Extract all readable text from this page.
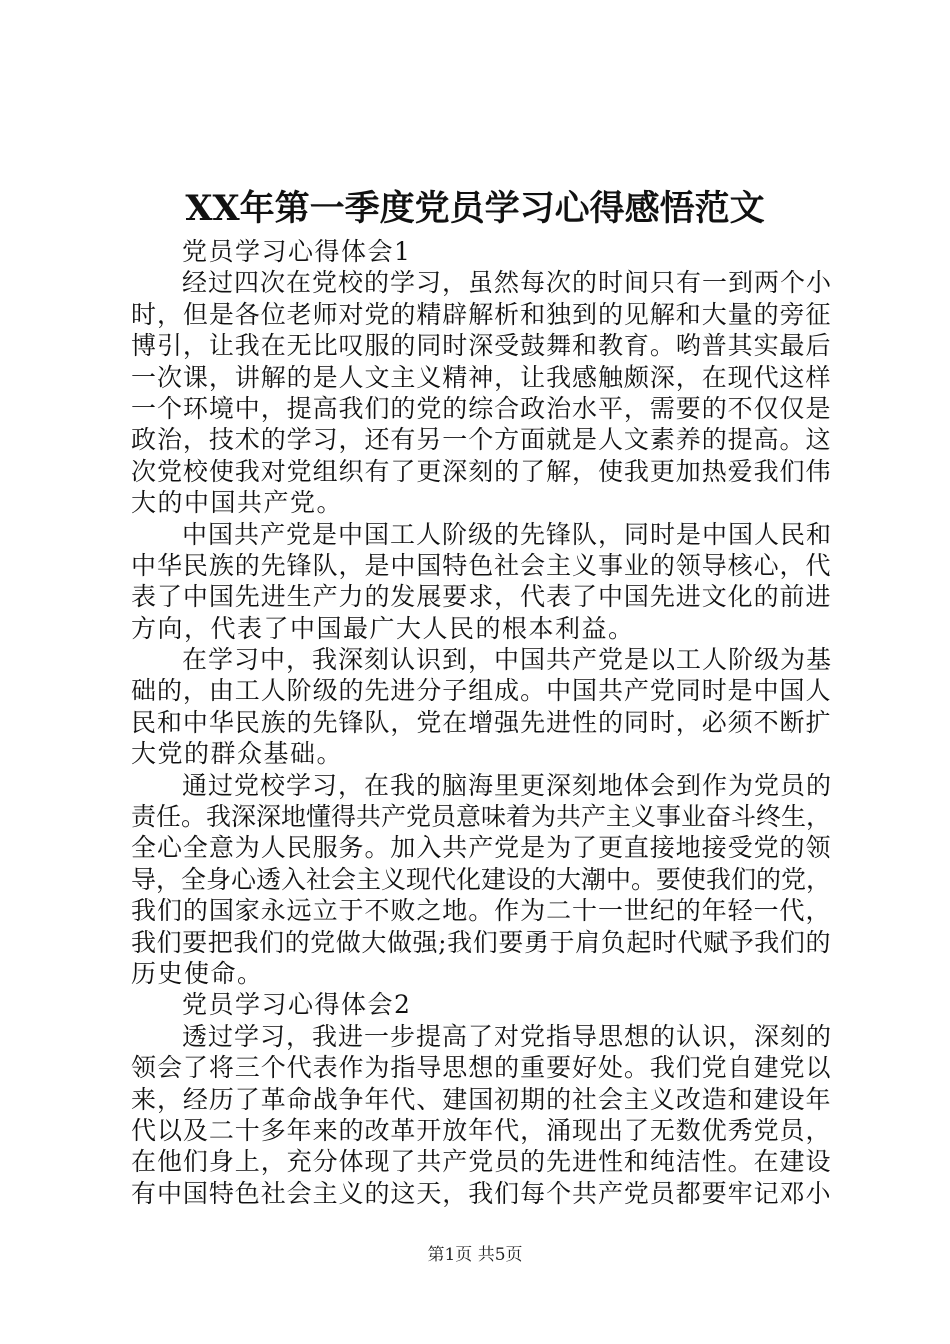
XX年第一季度党员学习心得感悟范文
党员学习心得体会1
经过四次在党校的学习，虽然每次的时间只有一到两个小
时，但是各位老师对党的精辟解析和独到的见解和大量的旁征
博引，让我在无比叹服的同时深受鼓舞和教育。哟普其实最后
一次课，讲解的是人文主义精神，让我感触颇深，在现代这样
一个环境中，提高我们的党的综合政治水平，需要的不仅仅是
政治，技术的学习，还有另一个方面就是人文素养的提高。这
次党校使我对党组织有了更深刻的了解，使我更加热爱我们伟
大的中国共产党。
中国共产党是中国工人阶级的先锋队，同时是中国人民和
中华民族的先锋队，是中国特色社会主义事业的领导核心，代
表了中国先进生产力的发展要求，代表了中国先进文化的前进
方向，代表了中国最广大人民的根本利益。
在学习中，我深刻认识到，中国共产党是以工人阶级为基
础的，由工人阶级的先进分子组成。中国共产党同时是中国人
民和中华民族的先锋队，党在增强先进性的同时，必须不断扩
大党的群众基础。
通过党校学习，在我的脑海里更深刻地体会到作为党员的
责任。我深深地懂得共产党员意味着为共产主义事业奋斗终生，
全心全意为人民服务。加入共产党是为了更直接地接受党的领
导，全身心透入社会主义现代化建设的大潮中。要使我们的党，
我们的国家永远立于不败之地。作为二十一世纪的年轻一代，
我们要把我们的党做大做强;我们要勇于肩负起时代赋予我们的
历史使命。
党员学习心得体会2
透过学习，我进一步提高了对党指导思想的认识，深刻的
领会了将三个代表作为指导思想的重要好处。我们党自建党以
来，经历了革命战争年代、建国初期的社会主义改造和建设年
代以及二十多年来的改革开放年代，涌现出了无数优秀党员，
在他们身上，充分体现了共产党员的先进性和纯洁性。在建设
有中国特色社会主义的这天，我们每个共产党员都要牢记邓小
第1页 共5页
